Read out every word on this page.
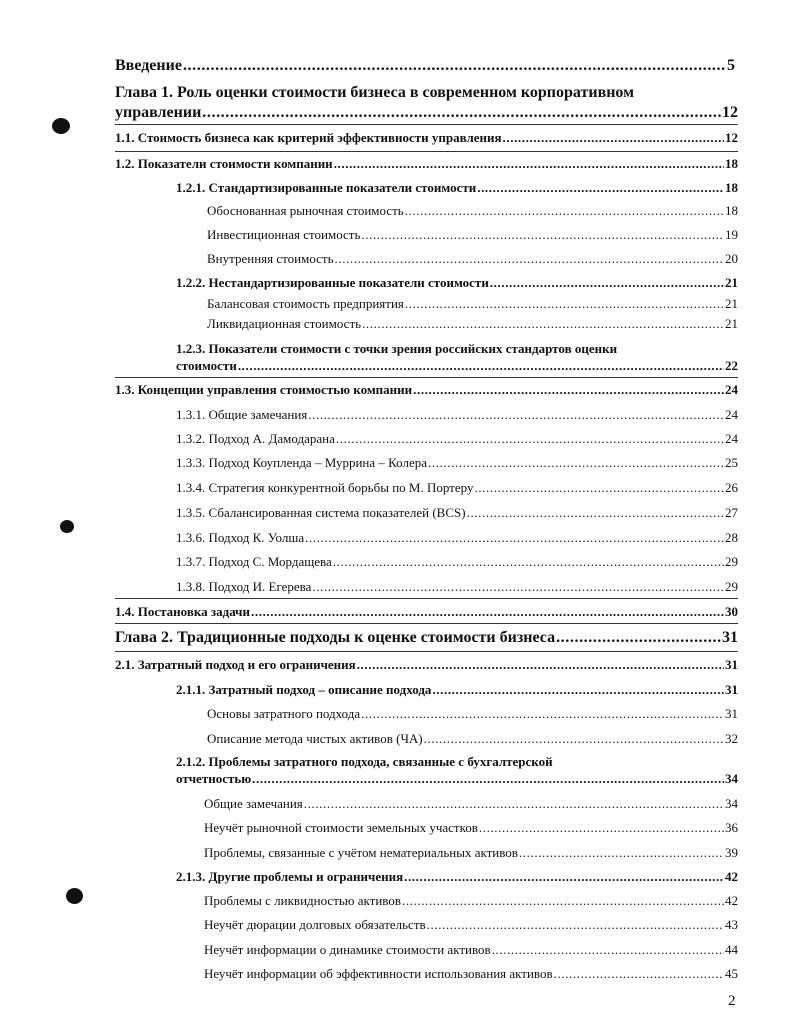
Введение .....	5
Глава 1. Роль оценки стоимости бизнеса в современном корпоративном
управлении .....	12
1.1. Стоимость бизнеса как критерий эффективности управления .....	12
1.2. Показатели стоимости компании .....	18
1.2.1. Стандартизированные показатели стоимости .....	18
Обоснованная рыночная стоимость .....	18
Инвестиционная стоимость .....	19
Внутренняя стоимость .....	20
1.2.2. Нестандартизированные показатели стоимости .....	21
Балансовая стоимость предприятия .....	21
Ликвидационная стоимость .....	21
1.2.3. Показатели стоимости с точки зрения российских стандартов оценки
стоимости .....	22
1.3. Концепции управления стоимостью компании .....	24
1.3.1. Общие замечания .....	24
1.3.2. Подход А. Дамодарана .....	24
1.3.3. Подход Коупленда – Муррина – Колера .....	25
1.3.4. Стратегия конкурентной борьбы по М. Портеру .....	26
1.3.5. Сбалансированная система показателей (BCS) .....	27
1.3.6. Подход К. Уолша .....	28
1.3.7. Подход С. Мордащева .....	29
1.3.8. Подход И. Егерева .....	29
1.4. Постановка задачи .....	30
Глава 2. Традиционные подходы к оценке стоимости бизнеса .....	31
2.1. Затратный подход и его ограничения .....	31
2.1.1. Затратный подход – описание подхода .....	31
Основы затратного подхода .....	31
Описание метода чистых активов (ЧА) .....	32
2.1.2. Проблемы затратного подхода, связанные с бухгалтерской
отчетностью .....	34
Общие замечания .....	34
Неучёт рыночной стоимости земельных участков .....	36
Проблемы, связанные с учётом нематериальных активов .....	39
2.1.3. Другие проблемы и ограничения .....	42
Проблемы с ликвидностью активов .....	42
Неучёт дюрации долговых обязательств .....	43
Неучёт информации о динамике стоимости активов .....	44
Неучёт информации об эффективности использования активов .....	45
2
